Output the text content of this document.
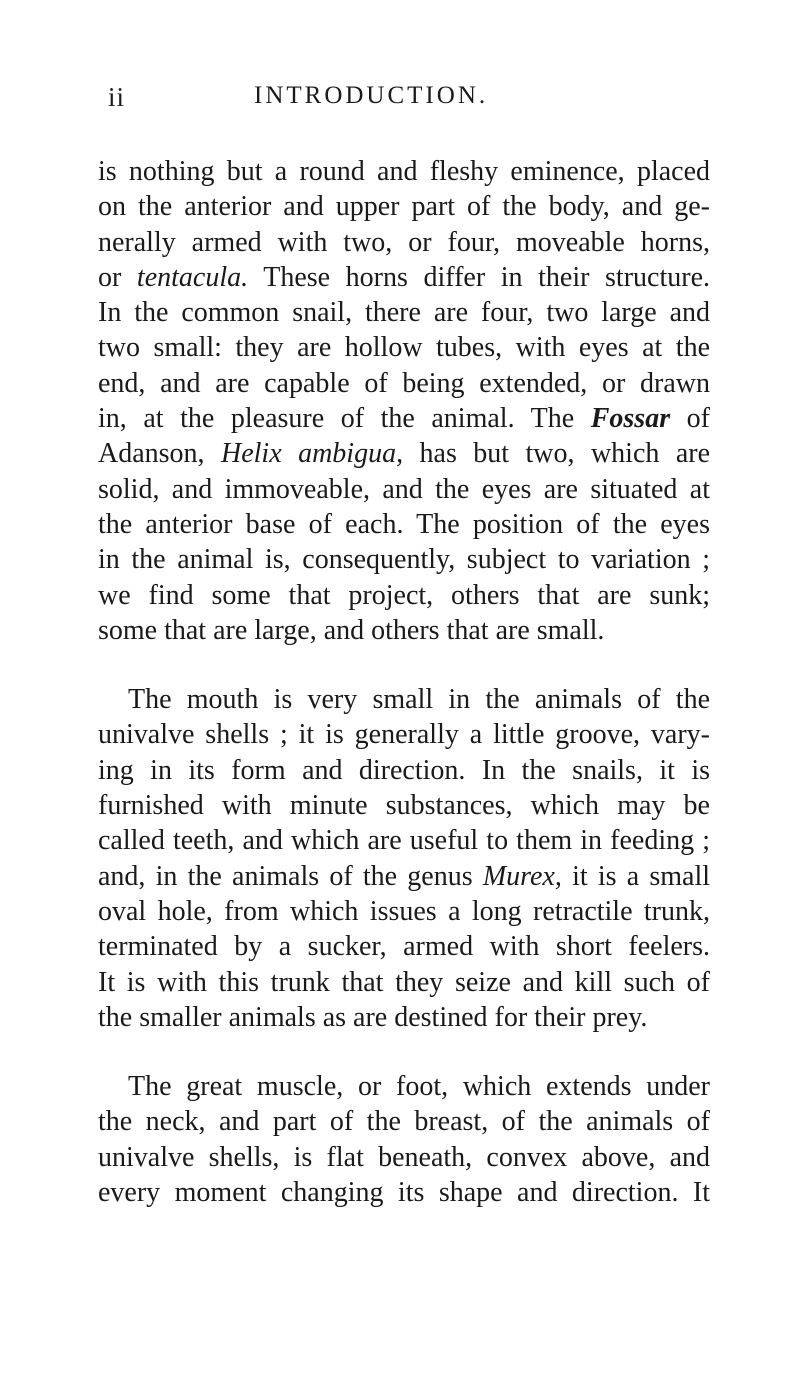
ii	INTRODUCTION.
is nothing but a round and fleshy eminence, placed
on the anterior and upper part of the body, and ge-
nerally armed with two, or four, moveable horns,
or tentacula. These horns differ in their structure.
In the common snail, there are four, two large and
two small: they are hollow tubes, with eyes at the
end, and are capable of being extended, or drawn
in, at the pleasure of the animal. The Fossar of
Adanson, Helix ambigua, has but two, which are
solid, and immoveable, and the eyes are situated at
the anterior base of each. The position of the eyes
in the animal is, consequently, subject to variation ;
we find some that project, others that are sunk;
some that are large, and others that are small.
The mouth is very small in the animals of the
univalve shells ; it is generally a little groove, vary-
ing in its form and direction. In the snails, it is
furnished with minute substances, which may be
called teeth, and which are useful to them in feeding ;
and, in the animals of the genus Murex, it is a small
oval hole, from which issues a long retractile trunk,
terminated by a sucker, armed with short feelers.
It is with this trunk that they seize and kill such of
the smaller animals as are destined for their prey.
The great muscle, or foot, which extends under
the neck, and part of the breast, of the animals of
univalve shells, is flat beneath, convex above, and
every moment changing its shape and direction. It
